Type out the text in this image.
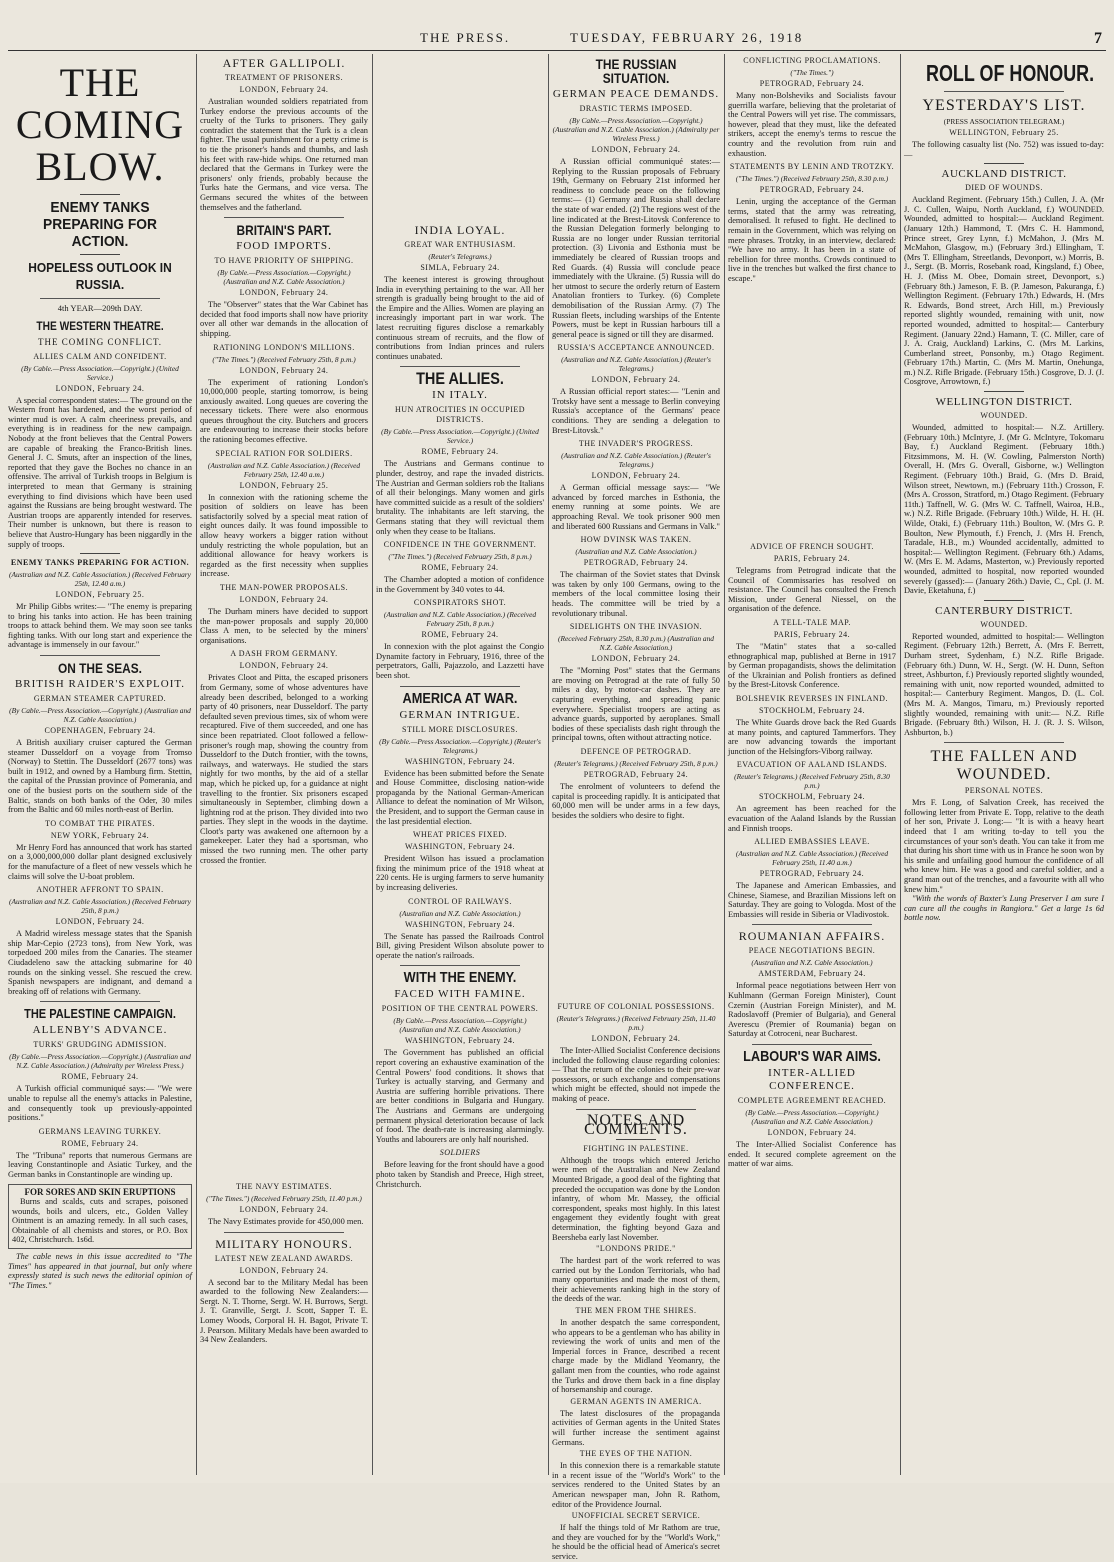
THE PRESS.	TUESDAY, FEBRUARY 26, 1918	7
THE COMING BLOW.
ENEMY TANKS PREPARING FOR ACTION.
HOPELESS OUTLOOK IN RUSSIA.
4th YEAR—209th DAY.
THE WESTERN THEATRE.
THE COMING CONFLICT.
ALLIES CALM AND CONFIDENT.
(By Cable.—Press Association.—Copyright.) (United Service.)
LONDON, February 24.
A special correspondent states:— The ground on the Western front has hardened, and the worst period of winter mud is over. A calm cheeriness prevails, and everything is in readiness for the new campaign. Nobody at the front believes that the Central Powers are capable of breaking the Franco-British lines. General J. C. Smuts, after an inspection of the lines, reported that they gave the Boches no chance in an offensive. The arrival of Turkish troops in Belgium is interpreted to mean that Germany is straining everything to find divisions which have been used against the Russians are being brought westward. The Austrian troops are apparently intended for reserves. Their number is unknown, but there is reason to believe that Austro-Hungary has been niggardly in the supply of troops.
ENEMY TANKS PREPARING FOR ACTION.
(Australian and N.Z. Cable Association.) (Received February 25th, 12.40 a.m.)
LONDON, February 25.
Mr Philip Gibbs writes:— "The enemy is preparing to bring his tanks into action. He has been training troops to attack behind them. We may soon see tanks fighting tanks. With our long start and experience the advantage is immensely in our favour."
ON THE SEAS.
BRITISH RAIDER'S EXPLOIT.
GERMAN STEAMER CAPTURED.
(By Cable.—Press Association.—Copyright.) (Australian and N.Z. Cable Association.)
COPENHAGEN, February 24.
A British auxiliary cruiser captured the German steamer Dusseldorf on a voyage from Tromso (Norway) to Stettin. The Dusseldorf (2677 tons) was built in 1912, and owned by a Hamburg firm. Stettin, the capital of the Prussian province of Pomerania, and one of the busiest ports on the southern side of the Baltic, stands on both banks of the Oder, 30 miles from the Baltic and 60 miles north-east of Berlin.
TO COMBAT THE PIRATES.
NEW YORK, February 24.
Mr Henry Ford has announced that work has started on a 3,000,000,000 dollar plant designed exclusively for the manufacture of a fleet of new vessels which he claims will solve the U-boat problem.
ANOTHER AFFRONT TO SPAIN.
(Australian and N.Z. Cable Association.) (Received February 25th, 8 p.m.)
LONDON, February 24.
A Madrid wireless message states that the Spanish ship Mar-Cepio (2723 tons), from New York, was torpedoed 200 miles from the Canaries. The steamer Ciudadeleno saw the attacking submarine for 40 rounds on the sinking vessel. She rescued the crew. Spanish newspapers are indignant, and demand a breaking off of relations with Germany.
THE PALESTINE CAMPAIGN.
ALLENBY'S ADVANCE.
TURKS' GRUDGING ADMISSION.
(By Cable.—Press Association.—Copyright.) (Australian and N.Z. Cable Association.) (Admiralty per Wireless Press.)
ROME, February 24.
A Turkish official communiqué says:— "We were unable to repulse all the enemy's attacks in Palestine, and consequently took up previously-appointed positions."
GERMANS LEAVING TURKEY.
ROME, February 24.
The "Tribuna" reports that numerous Germans are leaving Constantinople and Asiatic Turkey, and the German banks in Constantinople are winding up.
FOR SORES AND SKIN ERUPTIONS
Burns and scalds, cuts and scrapes, poisoned wounds, boils and ulcers, etc., Golden Valley Ointment is an amazing remedy. In all such cases, Obtainable of all chemists and stores, or P.O. Box 402, Christchurch. 1s6d.
The cable news in this issue accredited to "The Times" has appeared in that journal, but only where expressly stated is such news the editorial opinion of "The Times."
AFTER GALLIPOLI.
TREATMENT OF PRISONERS.
LONDON, February 24.
Australian wounded soldiers repatriated from Turkey endorse the previous accounts of the cruelty of the Turks to prisoners. They gaily contradict the statement that the Turk is a clean fighter. The usual punishment for a petty crime is to tie the prisoner's hands and thumbs, and lash his feet with raw-hide whips. One returned man declared that the Germans in Turkey were the prisoners' only friends, probably because the Turks hate the Germans, and vice versa. The Germans secured the whites of the between themselves and the fatherland.
BRITAIN'S PART.
FOOD IMPORTS.
TO HAVE PRIORITY OF SHIPPING.
(By Cable.—Press Association.—Copyright.) (Australian and N.Z. Cable Association.)
LONDON, February 24.
The "Observer" states that the War Cabinet has decided that food imports shall now have priority over all other war demands in the allocation of shipping.
RATIONING LONDON'S MILLIONS.
("The Times.") (Received February 25th, 8 p.m.)
LONDON, February 24.
The experiment of rationing London's 10,000,000 people, starting tomorrow, is being anxiously awaited. Long queues are covering the necessary tickets. There were also enormous queues throughout the city. Butchers and grocers are endeavouring to increase their stocks before the rationing becomes effective.
SPECIAL RATION FOR SOLDIERS.
(Australian and N.Z. Cable Association.) (Received February 25th, 12.40 a.m.)
LONDON, February 25.
In connexion with the rationing scheme the position of soldiers on leave has been satisfactorily solved by a special meat ration of eight ounces daily. It was found impossible to allow heavy workers a bigger ration without unduly restricting the whole population, but an additional allowance for heavy workers is regarded as the first necessity when supplies increase.
THE MAN-POWER PROPOSALS.
LONDON, February 24.
The Durham miners have decided to support the man-power proposals and supply 20,000 Class A men, to be selected by the miners' organisations.
A DASH FROM GERMANY.
LONDON, February 24.
Privates Cloot and Pitta, the escaped prisoners from Germany, some of whose adventures have already been described, belonged to a working party of 40 prisoners, near Dusseldorf. The party defaulted seven previous times, six of whom were recaptured. Five of them succeeded, and one has since been repatriated. Cloot followed a fellow-prisoner's rough map, showing the country from Dusseldorf to the Dutch frontier, with the towns, railways, and waterways. He studied the stars nightly for two months, by the aid of a stellar map, which he picked up, for a guidance at night travelling to the frontier. Six prisoners escaped simultaneously in September, climbing down a lightning rod at the prison. They divided into two parties. They slept in the woods in the daytime. Cloot's party was awakened one afternoon by a gamekeeper. Later they had a sportsman, who missed the two running men. The other party crossed the frontier.
THE NAVY ESTIMATES.
("The Times.") (Received February 25th, 11.40 p.m.)
LONDON, February 24.
The Navy Estimates provide for 450,000 men.
MILITARY HONOURS.
LATEST NEW ZEALAND AWARDS.
LONDON, February 24.
A second bar to the Military Medal has been awarded to the following New Zealanders:— Sergt. N. T. Thorne, Sergt. W. H. Burrows, Sergt. J. T. Granville, Sergt. J. Scott, Sapper T. E. Lomey Woods, Corporal H. H. Bagot, Private T. J. Pearson. Military Medals have been awarded to 34 New Zealanders.
INDIA LOYAL.
GREAT WAR ENTHUSIASM.
(Reuter's Telegrams.)
SIMLA, February 24.
The keenest interest is growing throughout India in everything pertaining to the war. All her strength is gradually being brought to the aid of the Empire and the Allies. Women are playing an increasingly important part in war work. The latest recruiting figures disclose a remarkably continuous stream of recruits, and the flow of contributions from Indian princes and rulers continues unabated.
THE ALLIES.
IN ITALY.
HUN ATROCITIES IN OCCUPIED DISTRICTS.
(By Cable.—Press Association.—Copyright.) (United Service.)
ROME, February 24.
The Austrians and Germans continue to plunder, destroy, and rape the invaded districts. The Austrian and German soldiers rob the Italians of all their belongings. Many women and girls have committed suicide as a result of the soldiers' brutality. The inhabitants are left starving, the Germans stating that they will revictual them only when they cease to be Italians.
CONFIDENCE IN THE GOVERNMENT.
("The Times.") (Received February 25th, 8 p.m.)
ROME, February 24.
The Chamber adopted a motion of confidence in the Government by 340 votes to 44.
CONSPIRATORS SHOT.
(Australian and N.Z. Cable Association.) (Received February 25th, 8 p.m.)
ROME, February 24.
In connexion with the plot against the Congio Dynamite factory in February, 1916, three of the perpetrators, Galli, Pajazzolo, and Lazzetti have been shot.
AMERICA AT WAR.
GERMAN INTRIGUE.
STILL MORE DISCLOSURES.
(By Cable.—Press Association.—Copyright.) (Reuter's Telegrams.)
WASHINGTON, February 24.
Evidence has been submitted before the Senate and House Committee, disclosing nation-wide propaganda by the National German-American Alliance to defeat the nomination of Mr Wilson, the President, and to support the German cause in the last presidential election.
WHEAT PRICES FIXED.
WASHINGTON, February 24.
President Wilson has issued a proclamation fixing the minimum price of the 1918 wheat at 220 cents. He is urging farmers to serve humanity by increasing deliveries.
CONTROL OF RAILWAYS.
(Australian and N.Z. Cable Association.)
WASHINGTON, February 24.
The Senate has passed the Railroads Control Bill, giving President Wilson absolute power to operate the nation's railroads.
WITH THE ENEMY.
FACED WITH FAMINE.
POSITION OF THE CENTRAL POWERS.
(By Cable.—Press Association.—Copyright.) (Australian and N.Z. Cable Association.)
WASHINGTON, February 24.
The Government has published an official report covering an exhaustive examination of the Central Powers' food conditions. It shows that Turkey is actually starving, and Germany and Austria are suffering horrible privations. There are better conditions in Bulgaria and Hungary. The Austrians and Germans are undergoing permanent physical deterioration because of lack of food. The death-rate is increasing alarmingly. Youths and labourers are only half nourished.
SOLDIERS
Before leaving for the front should have a good photo taken by Standish and Preece, High street, Christchurch.
THE RUSSIAN SITUATION.
GERMAN PEACE DEMANDS.
DRASTIC TERMS IMPOSED.
(By Cable.—Press Association.—Copyright.) (Australian and N.Z. Cable Association.) (Admiralty per Wireless Press.)
LONDON, February 24.
A Russian official communiqué states:— Replying to the Russian proposals of February 19th, Germany on February 21st informed her readiness to conclude peace on the following terms:— (1) Germany and Russia shall declare the state of war ended. (2) The regions west of the line indicated at the Brest-Litovsk Conference to the Russian Delegation formerly belonging to Russia are no longer under Russian territorial protection. (3) Livonia and Esthonia must be immediately be cleared of Russian troops and Red Guards. (4) Russia will conclude peace immediately with the Ukraine. (5) Russia will do her utmost to secure the orderly return of Eastern Anatolian frontiers to Turkey. (6) Complete demobilisation of the Russian Army. (7) The Russian fleets, including warships of the Entente Powers, must be kept in Russian harbours till a general peace is signed or till they are disarmed.
RUSSIA'S ACCEPTANCE ANNOUNCED.
(Australian and N.Z. Cable Association.) (Reuter's Telegrams.)
LONDON, February 24.
A Russian official report states:— "Lenin and Trotsky have sent a message to Berlin conveying Russia's acceptance of the Germans' peace conditions. They are sending a delegation to Brest-Litovsk."
THE INVADER'S PROGRESS.
(Australian and N.Z. Cable Association.) (Reuter's Telegrams.)
LONDON, February 24.
A German official message says:— "We advanced by forced marches in Esthonia, the enemy running at some points. We are approaching Reval. We took prisoner 900 men and liberated 600 Russians and Germans in Valk."
HOW DVINSK WAS TAKEN.
(Australian and N.Z. Cable Association.)
PETROGRAD, February 24.
The chairman of the Soviet states that Dvinsk was taken by only 100 Germans, owing to the members of the local committee losing their heads. The committee will be tried by a revolutionary tribunal.
SIDELIGHTS ON THE INVASION.
(Received February 25th, 8.30 p.m.) (Australian and N.Z. Cable Association.)
LONDON, February 24.
The "Morning Post" states that the Germans are moving on Petrograd at the rate of fully 50 miles a day, by motor-car dashes. They are capturing everything, and spreading panic everywhere. Specialist troopers are acting as advance guards, supported by aeroplanes. Small bodies of these specialists dash right through the principal towns, often without attracting notice.
DEFENCE OF PETROGRAD.
(Reuter's Telegrams.) (Received February 25th, 8 p.m.)
PETROGRAD, February 24.
The enrolment of volunteers to defend the capital is proceeding rapidly. It is anticipated that 60,000 men will be under arms in a few days, besides the soldiers who desire to fight.
CONFLICTING PROCLAMATIONS.
("The Times.")
PETROGRAD, February 24.
Many non-Bolsheviks and Socialists favour guerrilla warfare, believing that the proletariat of the Central Powers will yet rise. The commissars, however, plead that they must, like the defeated strikers, accept the enemy's terms to rescue the country and the revolution from ruin and exhaustion.
STATEMENTS BY LENIN AND TROTZKY.
("The Times.") (Received February 25th, 8.30 p.m.)
PETROGRAD, February 24.
Lenin, urging the acceptance of the German terms, stated that the army was retreating, demoralised. It refused to fight. He declined to remain in the Government, which was relying on mere phrases. Trotzky, in an interview, declared: "We have no army. It has been in a state of rebellion for three months. Crowds continued to live in the trenches but walked the first chance to escape."
ADVICE OF FRENCH SOUGHT.
PARIS, February 24.
Telegrams from Petrograd indicate that the Council of Commissaries has resolved on resistance. The Council has consulted the French Mission, under General Niessel, on the organisation of the defence.
A TELL-TALE MAP.
PARIS, February 24.
The "Matin" states that a so-called ethnographical map, published at Berne in 1917 by German propagandists, shows the delimitation of the Ukrainian and Polish frontiers as defined by the Brest-Litovsk Conference.
BOLSHEVIK REVERSES IN FINLAND.
STOCKHOLM, February 24.
The White Guards drove back the Red Guards at many points, and captured Tammerfors. They are now advancing towards the important junction of the Helsingfors-Viborg railway.
EVACUATION OF AALAND ISLANDS.
(Reuter's Telegrams.) (Received February 25th, 8.30 p.m.)
STOCKHOLM, February 24.
An agreement has been reached for the evacuation of the Aaland Islands by the Russian and Finnish troops.
ALLIED EMBASSIES LEAVE.
(Australian and N.Z. Cable Association.) (Received February 25th, 11.40 a.m.)
PETROGRAD, February 24.
The Japanese and American Embassies, and Chinese, Siamese, and Brazilian Missions left on Saturday. They are going to Vologda. Most of the Embassies will reside in Siberia or Vladivostok.
ROUMANIAN AFFAIRS.
PEACE NEGOTIATIONS BEGIN.
(Australian and N.Z. Cable Association.)
AMSTERDAM, February 24.
Informal peace negotiations between Herr von Kuhlmann (German Foreign Minister), Count Czernin (Austrian Foreign Minister), and M. Radoslavoff (Premier of Bulgaria), and General Averescu (Premier of Roumania) began on Saturday at Cotroceni, near Bucharest.
LABOUR'S WAR AIMS.
INTER-ALLIED CONFERENCE.
COMPLETE AGREEMENT REACHED.
(By Cable.—Press Association.—Copyright.) (Australian and N.Z. Cable Association.)
LONDON, February 24.
The Inter-Allied Socialist Conference has ended. It secured complete agreement on the matter of war aims.
ROLL OF HONOUR.
YESTERDAY'S LIST.
(PRESS ASSOCIATION TELEGRAM.)
WELLINGTON, February 25.
The following casualty list (No. 752) was issued to-day:—
AUCKLAND DISTRICT.
DIED OF WOUNDS.
Auckland Regiment. (February 15th.) Cullen, J. A. (Mr J. C. Cullen, Waipu, North Auckland, f.) WOUNDED. Wounded, admitted to hospital:— Auckland Regiment. (January 12th.) Hammond, T. (Mrs C. H. Hammond, Prince street, Grey Lynn, f.) McMahon, J. (Mrs M. McMahon, Glasgow, m.) (February 3rd.) Ellingham, T. (Mrs T. Ellingham, Streetlands, Devonport, w.) Morris, B. J., Sergt. (B. Morris, Rosebank road, Kingsland, f.) Obee, H. J. (Miss M. Obee, Domain street, Devonport, s.) (February 8th.) Jameson, F. B. (P. Jameson, Pakuranga, f.) Wellington Regiment. (February 17th.) Edwards, H. (Mrs R. Edwards, Bond street, Arch Hill, m.) Previously reported slightly wounded, remaining with unit, now reported wounded, admitted to hospital:— Canterbury Regiment. (January 22nd.) Hamann, T. (C. Miller, care of J. A. Craig, Auckland) Larkins, C. (Mrs M. Larkins, Cumberland street, Ponsonby, m.) Otago Regiment. (February 17th.) Martin, C. (Mrs M. Martin, Onehunga, m.) N.Z. Rifle Brigade. (February 15th.) Cosgrove, D. J. (J. Cosgrove, Arrowtown, f.)
WELLINGTON DISTRICT.
WOUNDED.
Wounded, admitted to hospital:— N.Z. Artillery. (February 10th.) McIntyre, J. (Mr G. McIntyre, Tokomaru Bay, f.) Auckland Regiment. (February 18th.) Fitzsimmons, M. H. (W. Cowling, Palmerston North) Overall, H. (Mrs G. Overall, Gisborne, w.) Wellington Regiment. (February 10th.) Braid, G. (Mrs D. Braid, Wilson street, Newtown, m.) (February 11th.) Crosson, F. (Mrs A. Crosson, Stratford, m.) Otago Regiment. (February 11th.) Taffnell, W. G. (Mrs W. C. Taffnell, Wairoa, H.B., w.) N.Z. Rifle Brigade. (February 10th.) Wilde, H. H. (H. Wilde, Otaki, f.) (February 11th.) Boulton, W. (Mrs G. P. Boulton, New Plymouth, f.) French, J. (Mrs H. French, Taradale, H.B., m.) Wounded accidentally, admitted to hospital:— Wellington Regiment. (February 6th.) Adams, W. (Mrs E. M. Adams, Masterton, w.) Previously reported wounded, admitted to hospital, now reported wounded severely (gassed):— (January 26th.) Davie, C., Cpl. (J. M. Davie, Eketahuna, f.)
CANTERBURY DISTRICT.
WOUNDED.
Reported wounded, admitted to hospital:— Wellington Regiment. (February 12th.) Berrett, A. (Mrs F. Berrett, Durham street, Sydenham, f.) N.Z. Rifle Brigade. (February 6th.) Dunn, W. H., Sergt. (W. H. Dunn, Sefton street, Ashburton, f.) Previously reported slightly wounded, remaining with unit, now reported wounded, admitted to hospital:— Canterbury Regiment. Mangos, D. (L. Col. (Mrs M. A. Mangos, Timaru, m.) Previously reported slightly wounded, remaining with unit:— N.Z. Rifle Brigade. (February 8th.) Wilson, H. J. (R. J. S. Wilson, Ashburton, b.)
THE FALLEN AND WOUNDED.
PERSONAL NOTES.
Mrs F. Long, of Salvation Creek, has received the following letter from Private E. Topp, relative to the death of her son, Private J. Long:— "It is with a heavy heart indeed that I am writing to-day to tell you the circumstances of your son's death. You can take it from me that during his short time with us in France he soon won by his smile and unfailing good humour the confidence of all who knew him. He was a good and careful soldier, and a grand man out of the trenches, and a favourite with all who knew him."
"With the words of Baxter's Lung Preserver I am sure I can cure all the coughs in Rangiora." Get a large 1s 6d bottle now.
FUTURE OF COLONIAL POSSESSIONS.
(Reuter's Telegrams.) (Received February 25th, 11.40 p.m.)
LONDON, February 24.
The Inter-Allied Socialist Conference decisions included the following clause regarding colonies:— That the return of the colonies to their pre-war possessors, or such exchange and compensations which might be effected, should not impede the making of peace.
NOTES AND COMMENTS.
FIGHTING IN PALESTINE.
Although the troops which entered Jericho were men of the Australian and New Zealand Mounted Brigade, a good deal of the fighting that preceded the occupation was done by the London infantry, of whom Mr. Massey, the official correspondent, speaks most highly. In this latest engagement they evidently fought with great determination, the fighting beyond Gaza and Beersheba early last November.
"LONDONS PRIDE."
The hardest part of the work referred to was carried out by the London Territorials, who had many opportunities and made the most of them, their achievements ranking high in the story of the deeds of the war.
THE MEN FROM THE SHIRES.
In another despatch the same correspondent, who appears to be a gentleman who has ability in reviewing the work of units and men of the Imperial forces in France, described a recent charge made by the Midland Yeomanry, the gallant men from the counties, who rode against the Turks and drove them back in a fine display of horsemanship and courage.
GERMAN AGENTS IN AMERICA.
The latest disclosures of the propaganda activities of German agents in the United States will further increase the sentiment against Germans.
THE EYES OF THE NATION.
In this connexion there is a remarkable statute in a recent issue of the "World's Work" to the services rendered to the United States by an American newspaper man, John R. Rathom, editor of the Providence Journal.
UNOFFICIAL SECRET SERVICE.
If half the things told of Mr Rathom are true, and they are vouched for by the "World's Work," he should be the official head of America's secret service.
